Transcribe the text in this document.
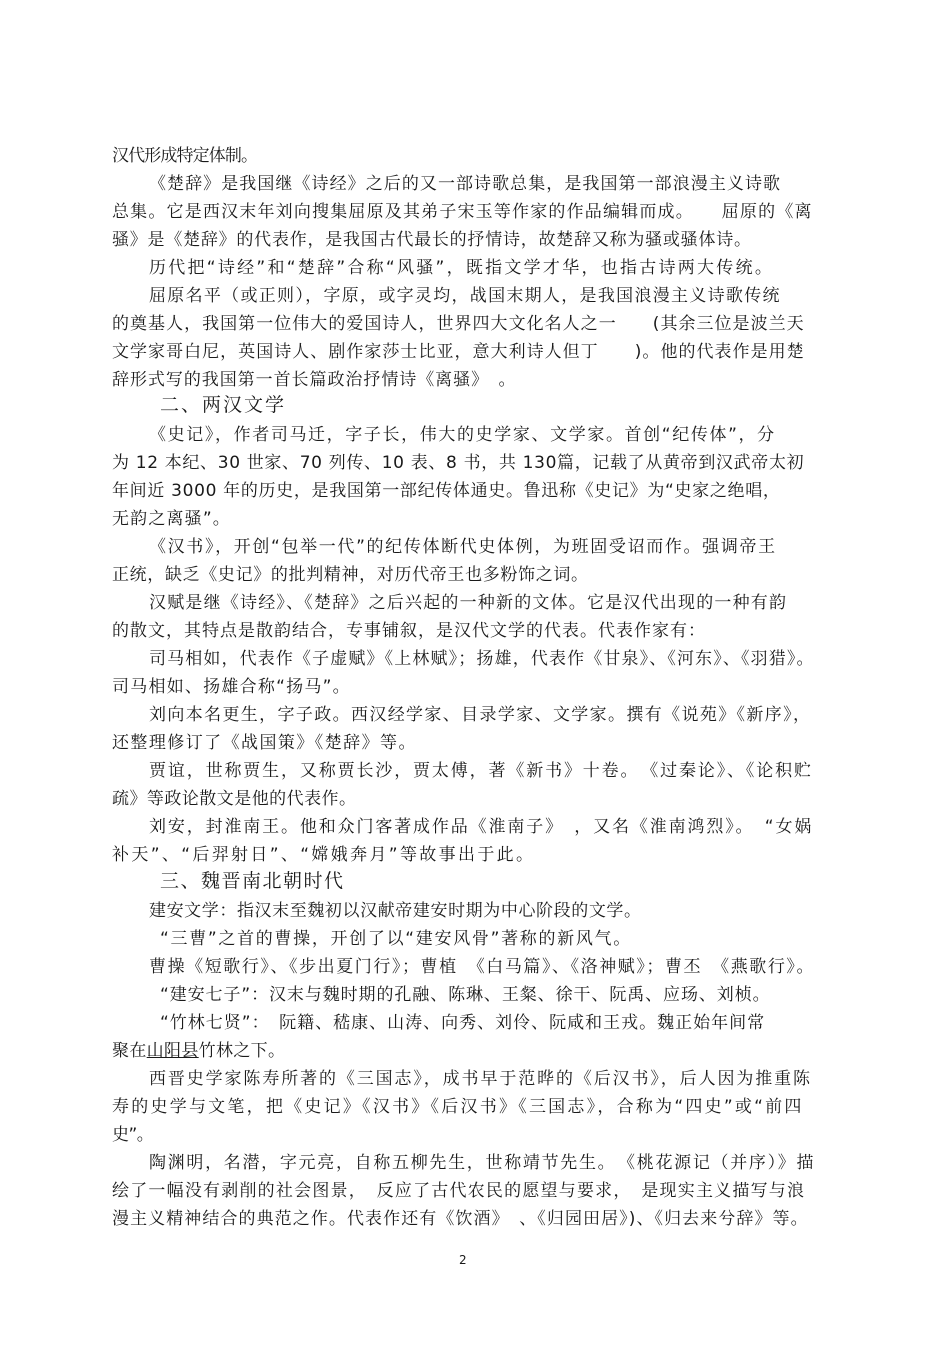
汉代形成特定体制。
《楚辞》是我国继《诗经》之后的又一部诗歌总集，是我国第一部浪漫主义诗歌
总集。它是西汉末年刘向搜集屈原及其弟子宋玉等作家的作品编辑而成。　　屈原的《离
骚》是《楚辞》的代表作，是我国古代最长的抒情诗，故楚辞又称为骚或骚体诗。
历代把“诗经”和“楚辞”合称“风骚”，既指文学才华，也指古诗两大传统。
屈原名平（或正则），字原，或字灵均，战国末期人，是我国浪漫主义诗歌传统
的奠基人，我国第一位伟大的爱国诗人，世界四大文化名人之一　　(其余三位是波兰天
文学家哥白尼，英国诗人、剧作家莎士比亚，意大利诗人但丁　　)。他的代表作是用楚
辞形式写的我国第一首长篇政治抒情诗《离骚》　。
二、两汉文学
《史记》，作者司马迁，字子长，伟大的史学家、文学家。首创“纪传体”，分
为 12 本纪、30 世家、70 列传、10 表、8 书，共 130篇，记载了从黄帝到汉武帝太初
年间近 3000 年的历史，是我国第一部纪传体通史。鲁迅称《史记》为“史家之绝唱，
无韵之离骚”。
《汉书》，开创“包举一代”的纪传体断代史体例，为班固受诏而作。强调帝王
正统，缺乏《史记》的批判精神，对历代帝王也多粉饰之词。
汉赋是继《诗经》、《楚辞》之后兴起的一种新的文体。它是汉代出现的一种有韵
的散文，其特点是散韵结合，专事铺叙，是汉代文学的代表。代表作家有：
司马相如，代表作《子虚赋》《上林赋》；扬雄，代表作《甘泉》、《河东》、《羽猎》。
司马相如、扬雄合称“扬马”。
刘向本名更生，字子政。西汉经学家、目录学家、文学家。撰有《说苑》《新序》，
还整理修订了《战国策》《楚辞》等。
贾谊，世称贾生，又称贾长沙，贾太傅，著《新书》十卷。　《过秦论》、《论积贮
疏》等政论散文是他的代表作。
刘安，封淮南王。他和众门客著成作品《淮南子》　，又名《淮南鸿烈》。　“女娲
补天”、“后羿射日”、“嫦娥奔月”等故事出于此。
三、魏晋南北朝时代
建安文学：指汉末至魏初以汉献帝建安时期为中心阶段的文学。
“三曹”之首的曹操，开创了以“建安风骨”著称的新风气。
曹操《短歌行》、《步出夏门行》；曹植　《白马篇》、《洛神赋》；曹丕　《燕歌行》。
“建安七子”：汉末与魏时期的孔融、陈琳、王粲、徐干、阮禹、应玚、刘桢。
“竹林七贤”：　阮籍、嵇康、山涛、向秀、刘伶、阮咸和王戎。魏正始年间常
聚在山阳县竹林之下。
西晋史学家陈寿所著的《三国志》，成书早于范晔的《后汉书》，后人因为推重陈
寿的史学与文笔，把《史记》《汉书》《后汉书》《三国志》，合称为“四史”或“前四
史”。
陶渊明，名潜，字元亮，自称五柳先生，世称靖节先生。　《桃花源记（并序）》描
绘了一幅没有剥削的社会图景，　反应了古代农民的愿望与要求，　是现实主义描写与浪
漫主义精神结合的典范之作。代表作还有《饮酒》　、《归园田居》)、《归去来兮辞》等。
2
